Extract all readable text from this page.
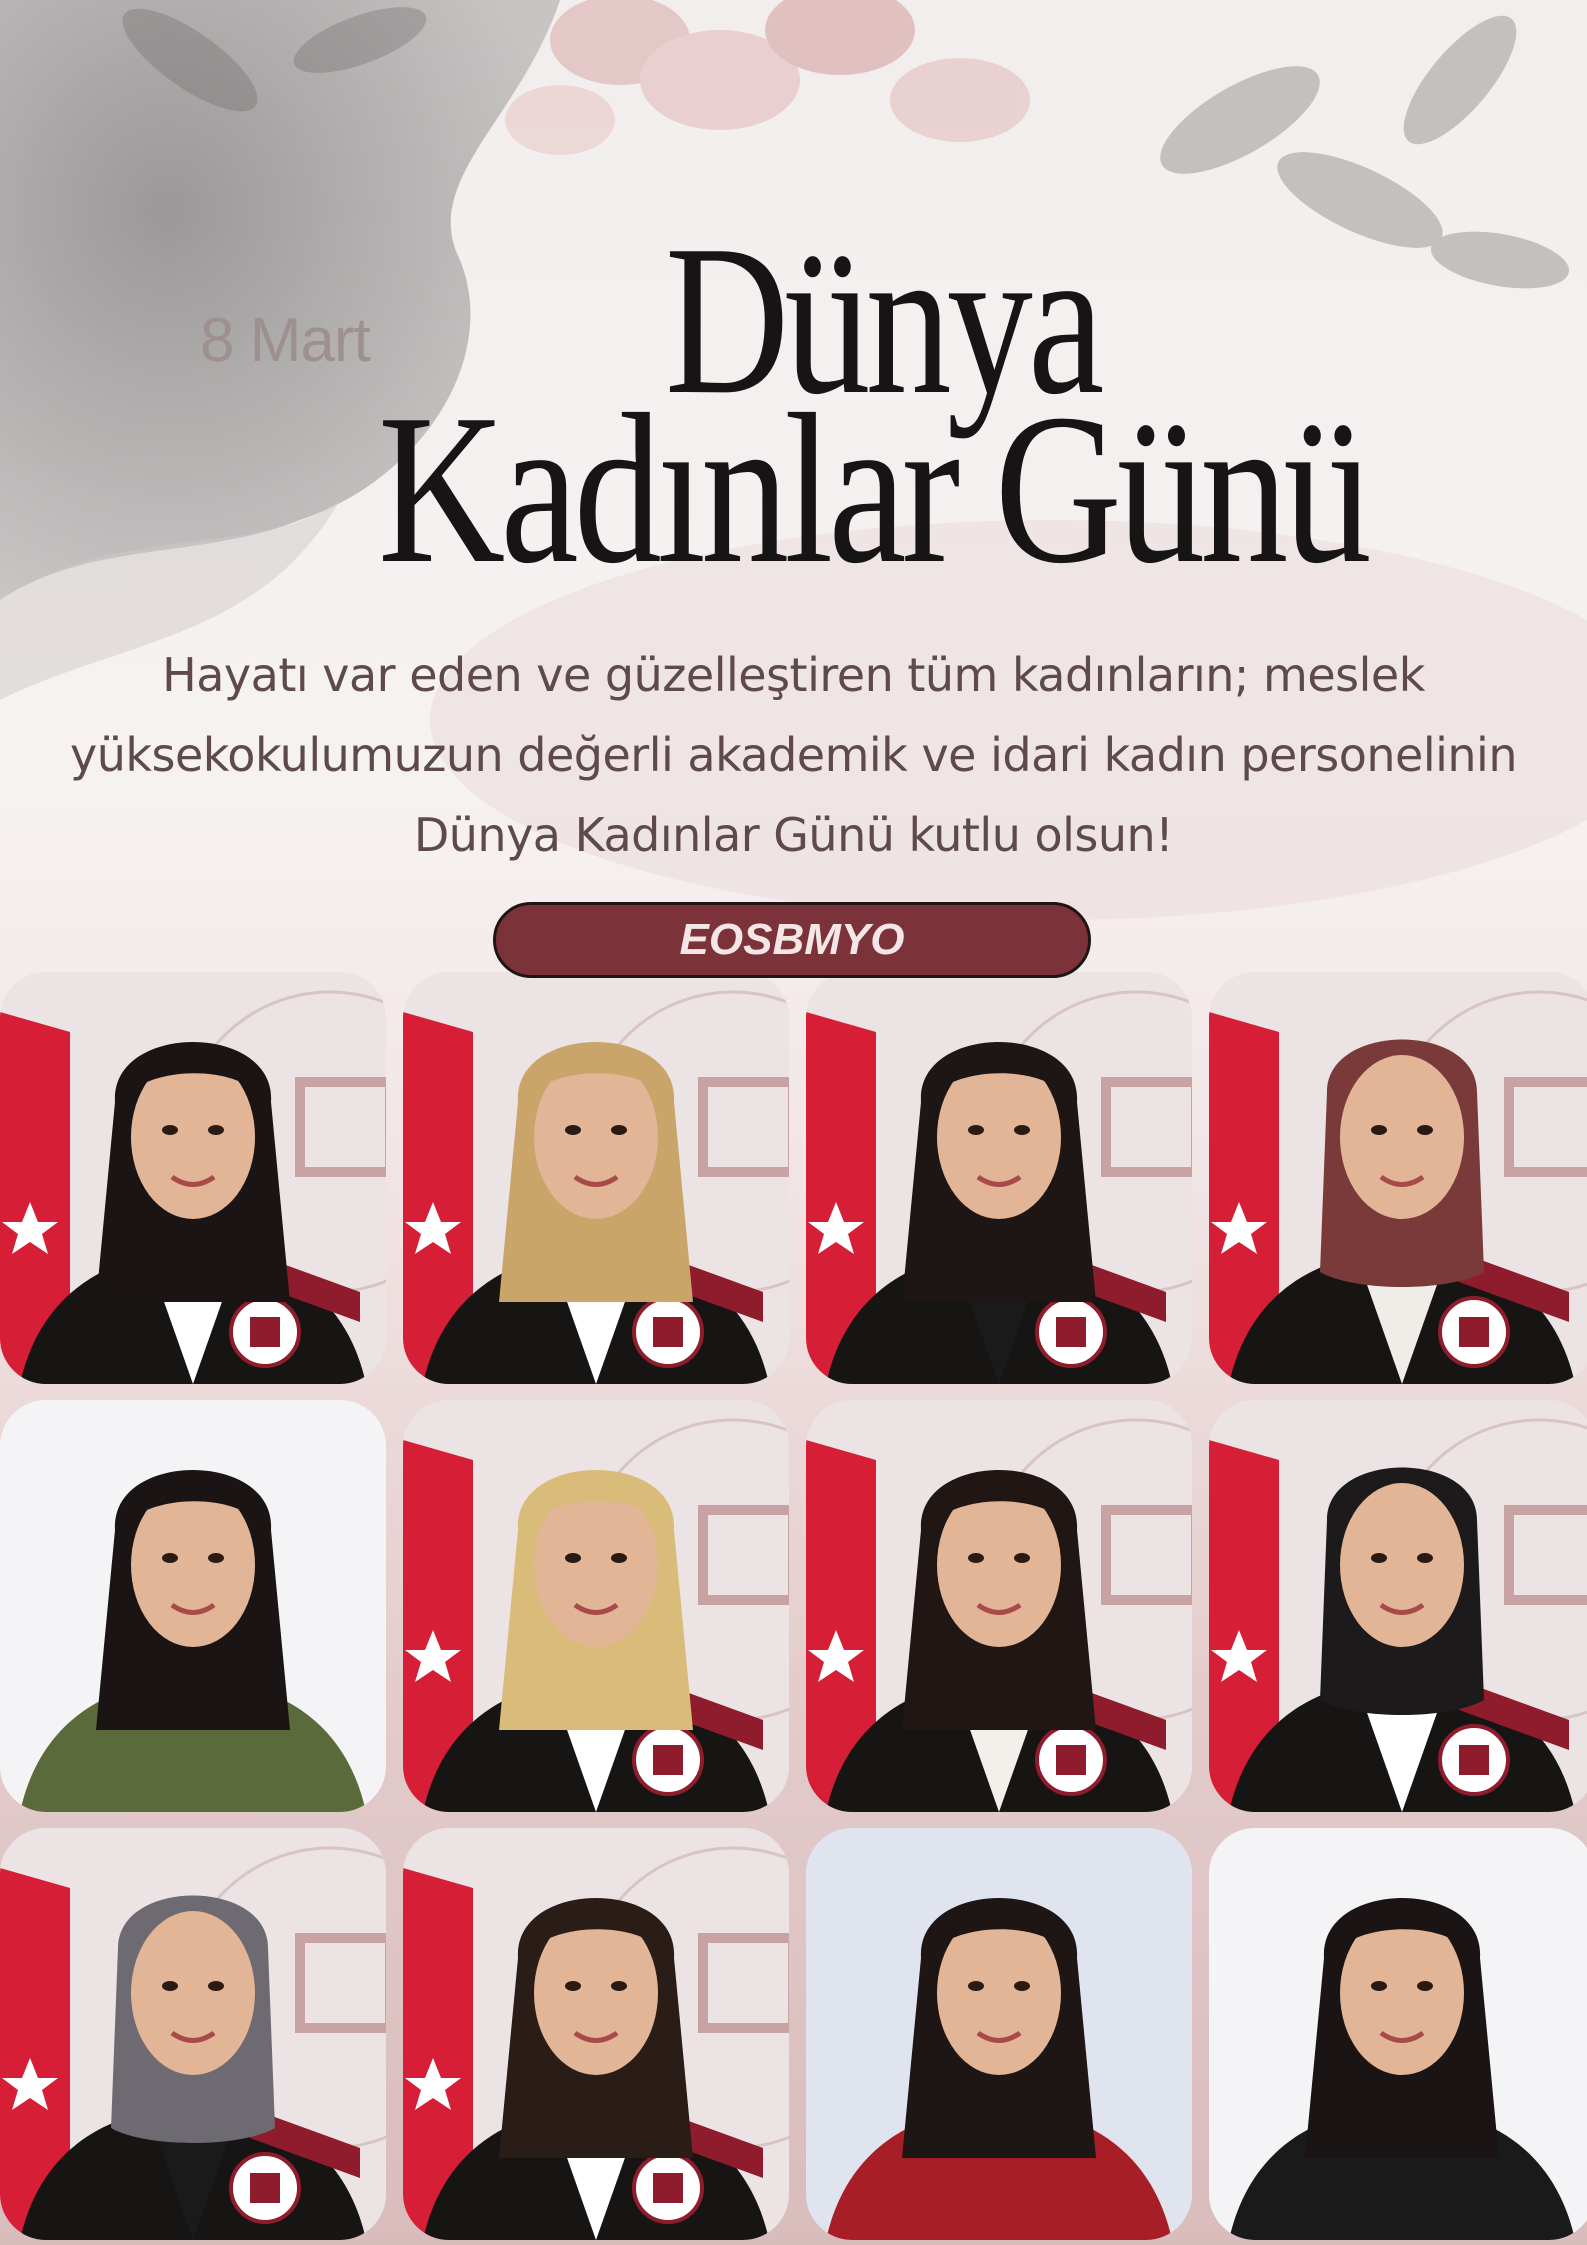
8 Mart Dünya
Kadınlar Günü
Hayatı var eden ve güzelleştiren tüm kadınların; meslek
yüksekokulumuzun değerli akademik ve idari kadın personelinin
Dünya Kadınlar Günü kutlu olsun!
EOSBMYO
